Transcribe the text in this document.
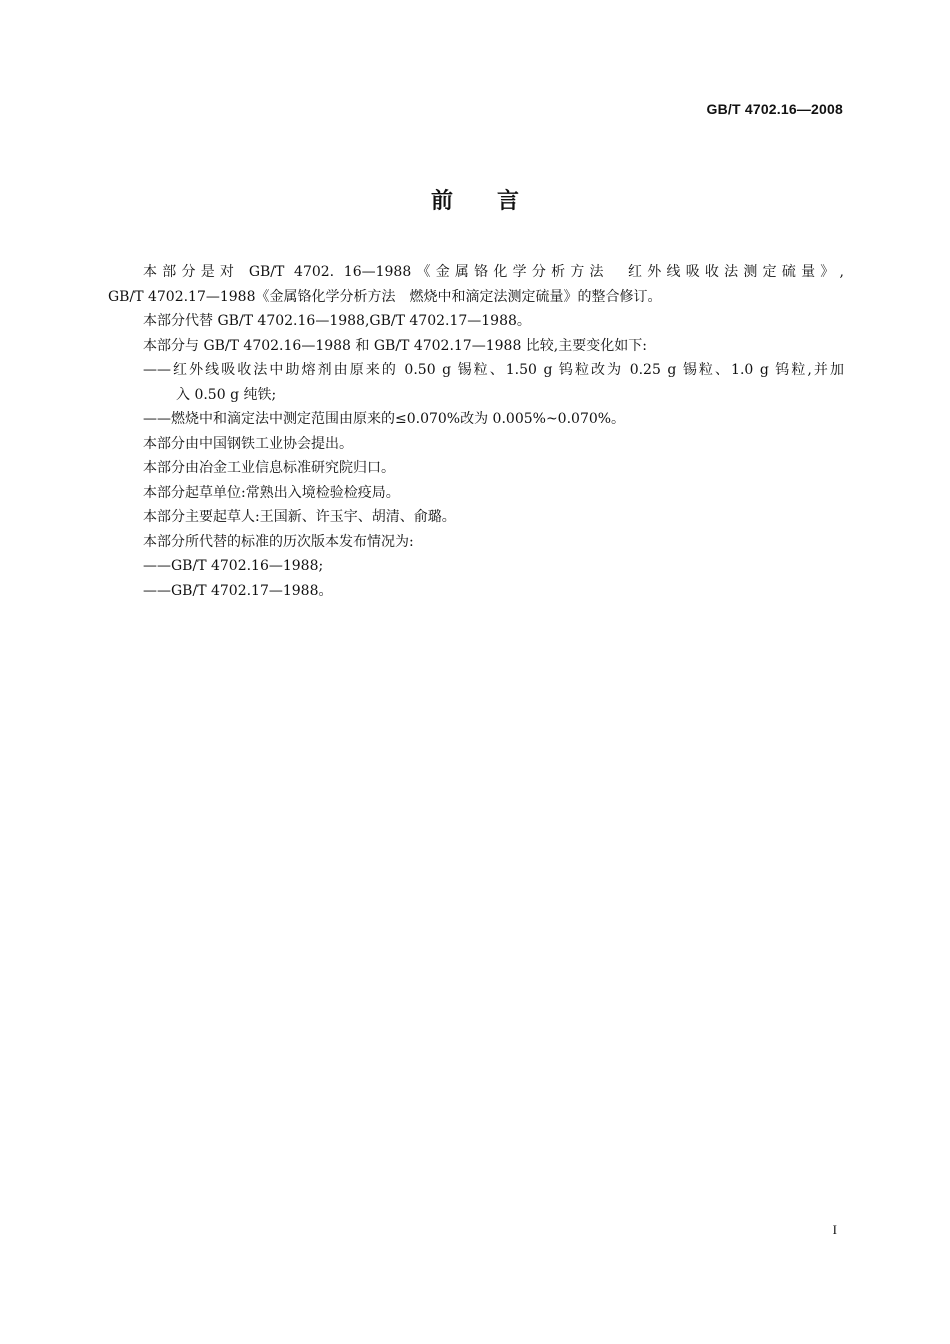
GB/T 4702.16—2008
前　　言
本部分是对 GB/T 4702. 16—1988《金属铬化学分析方法　红外线吸收法测定硫量》,
GB/T 4702.17—1988《金属铬化学分析方法　燃烧中和滴定法测定硫量》的整合修订。
本部分代替 GB/T 4702.16—1988,GB/T 4702.17—1988。
本部分与 GB/T 4702.16—1988 和 GB/T 4702.17—1988 比较,主要变化如下:
——红外线吸收法中助熔剂由原来的 0.50 g 锡粒、1.50 g 钨粒改为 0.25 g 锡粒、1.0 g 钨粒,并加
入 0.50 g 纯铁;
——燃烧中和滴定法中测定范围由原来的≤0.070%改为 0.005%~0.070%。
本部分由中国钢铁工业协会提出。
本部分由冶金工业信息标准研究院归口。
本部分起草单位:常熟出入境检验检疫局。
本部分主要起草人:王国新、许玉宇、胡清、俞璐。
本部分所代替的标准的历次版本发布情况为:
——GB/T 4702.16—1988;
——GB/T 4702.17—1988。
I
